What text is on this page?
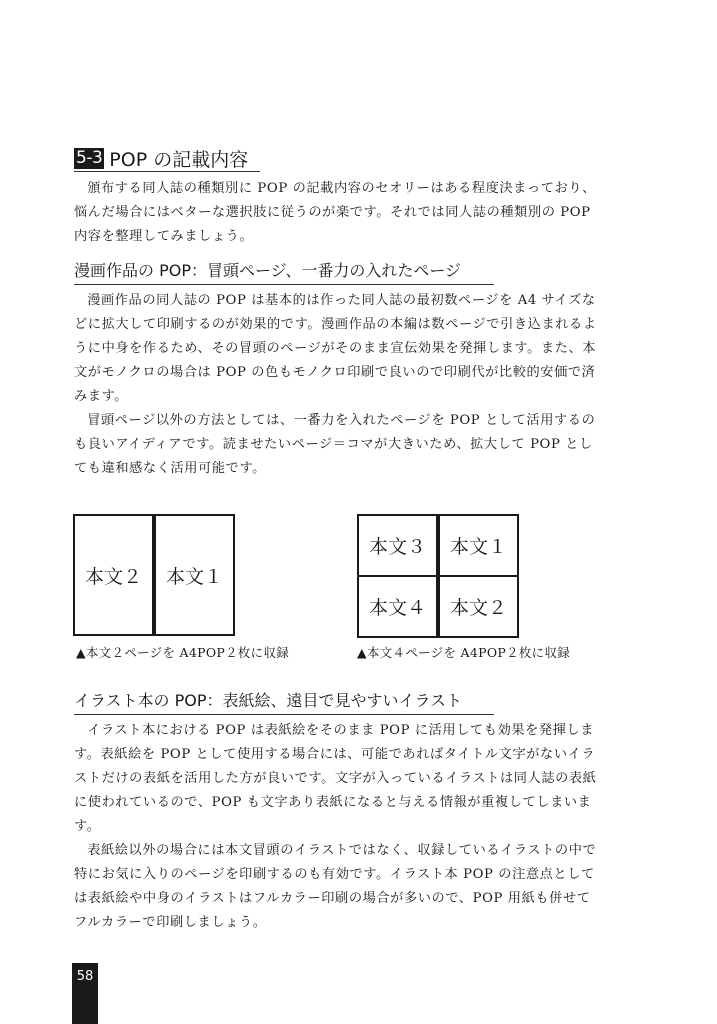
5-3 POP の記載内容

頒布する同人誌の種類別に POP の記載内容のセオリーはある程度決まっており、悩んだ場合にはベターな選択肢に従うのが楽です。それでは同人誌の種類別の POP 内容を整理してみましょう。

漫画作品の POP：冒頭ページ、一番力の入れたページ

漫画作品の同人誌の POP は基本的は作った同人誌の最初数ページを A4 サイズなどに拡大して印刷するのが効果的です。漫画作品の本編は数ページで引き込まれるように中身を作るため、その冒頭のページがそのまま宣伝効果を発揮します。また、本文がモノクロの場合は POP の色もモノクロ印刷で良いので印刷代が比較的安価で済みます。

冒頭ページ以外の方法としては、一番力を入れたページを POP として活用するのも良いアイディアです。読ませたいページ＝コマが大きいため、拡大して POP としても違和感なく活用可能です。

本文２	本文１
▲本文２ページを A4POP２枚に収録
本文３	本文１
本文４	本文２
▲本文４ページを A4POP２枚に収録
イラスト本の POP：表紙絵、遠目で見やすいイラスト

イラスト本における POP は表紙絵をそのまま POP に活用しても効果を発揮します。表紙絵を POP として使用する場合には、可能であればタイトル文字がないイラストだけの表紙を活用した方が良いです。文字が入っているイラストは同人誌の表紙に使われているので、POP も文字あり表紙になると与える情報が重複してしまいます。

表紙絵以外の場合には本文冒頭のイラストではなく、収録しているイラストの中で特にお気に入りのページを印刷するのも有効です。イラスト本 POP の注意点としては表紙絵や中身のイラストはフルカラー印刷の場合が多いので、POP 用紙も併せてフルカラーで印刷しましょう。

58
